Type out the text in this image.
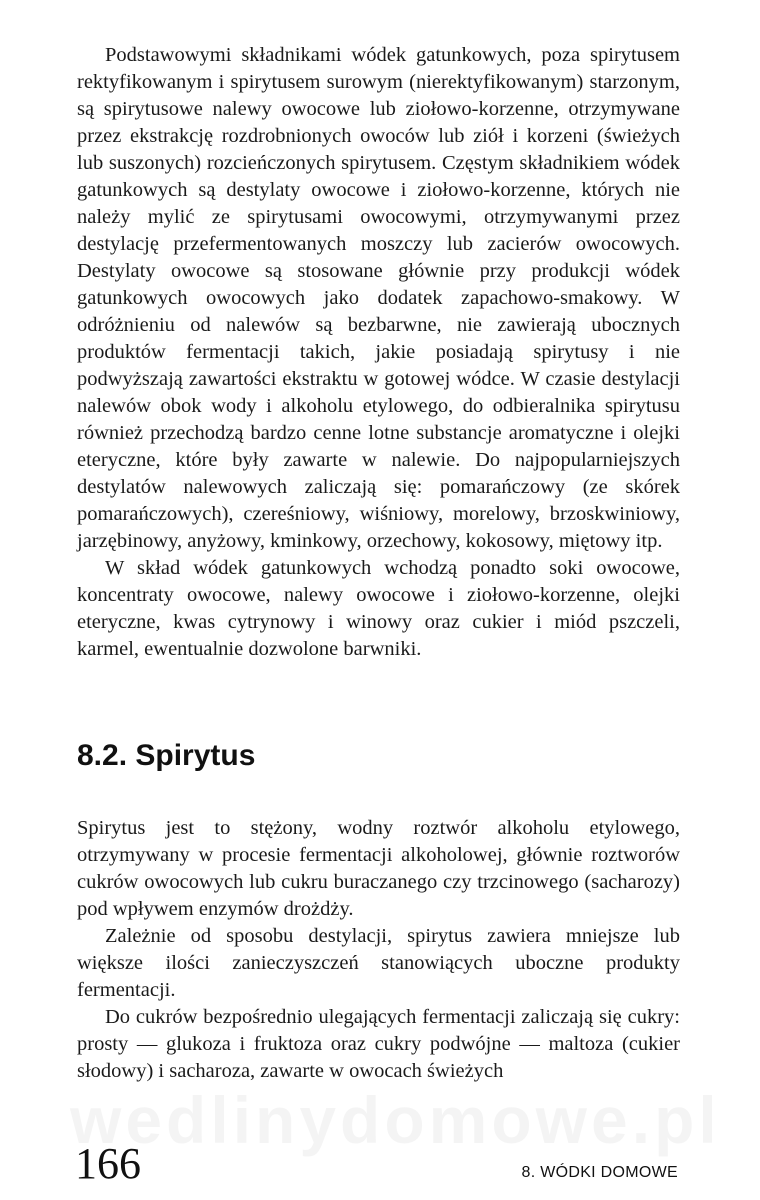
Podstawowymi składnikami wódek gatunkowych, poza spirytusem rektyfikowanym i spirytusem surowym (nierektyfikowanym) starzonym, są spirytusowe nalewy owocowe lub ziołowo-korzenne, otrzymywane przez ekstrakcję rozdrobnionych owoców lub ziół i korzeni (świeżych lub suszonych) rozcieńczonych spirytusem. Częstym składnikiem wódek gatunkowych są destylaty owocowe i ziołowo-korzenne, których nie należy mylić ze spirytusami owocowymi, otrzymywanymi przez destylację przefermentowanych moszczy lub zacierów owocowych. Destylaty owocowe są stosowane głównie przy produkcji wódek gatunkowych owocowych jako dodatek zapachowo-smakowy. W odróżnieniu od nalewów są bezbarwne, nie zawierają ubocznych produktów fermentacji takich, jakie posiadają spirytusy i nie podwyższają zawartości ekstraktu w gotowej wódce. W czasie destylacji nalewów obok wody i alkoholu etylowego, do odbieralnika spirytusu również przechodzą bardzo cenne lotne substancje aromatyczne i olejki eteryczne, które były zawarte w nalewie. Do najpopularniejszych destylatów nalewowych zaliczają się: pomarańczowy (ze skórek pomarańczowych), czereśniowy, wiśniowy, morelowy, brzoskwiniowy, jarzębinowy, anyżowy, kminkowy, orzechowy, kokosowy, miętowy itp.

W skład wódek gatunkowych wchodzą ponadto soki owocowe, koncentraty owocowe, nalewy owocowe i ziołowo-korzenne, olejki eteryczne, kwas cytrynowy i winowy oraz cukier i miód pszczeli, karmel, ewentualnie dozwolone barwniki.

8.2. Spirytus

Spirytus jest to stężony, wodny roztwór alkoholu etylowego, otrzymywany w procesie fermentacji alkoholowej, głównie roztworów cukrów owocowych lub cukru buraczanego czy trzcinowego (sacharozy) pod wpływem enzymów drożdży.

Zależnie od sposobu destylacji, spirytus zawiera mniejsze lub większe ilości zanieczyszczeń stanowiących uboczne produkty fermentacji.

Do cukrów bezpośrednio ulegających fermentacji zaliczają się cukry: prosty — glukoza i fruktoza oraz cukry podwójne — maltoza (cukier słodowy) i sacharoza, zawarte w owocach świeżych

166	8. WÓDKI DOMOWE
